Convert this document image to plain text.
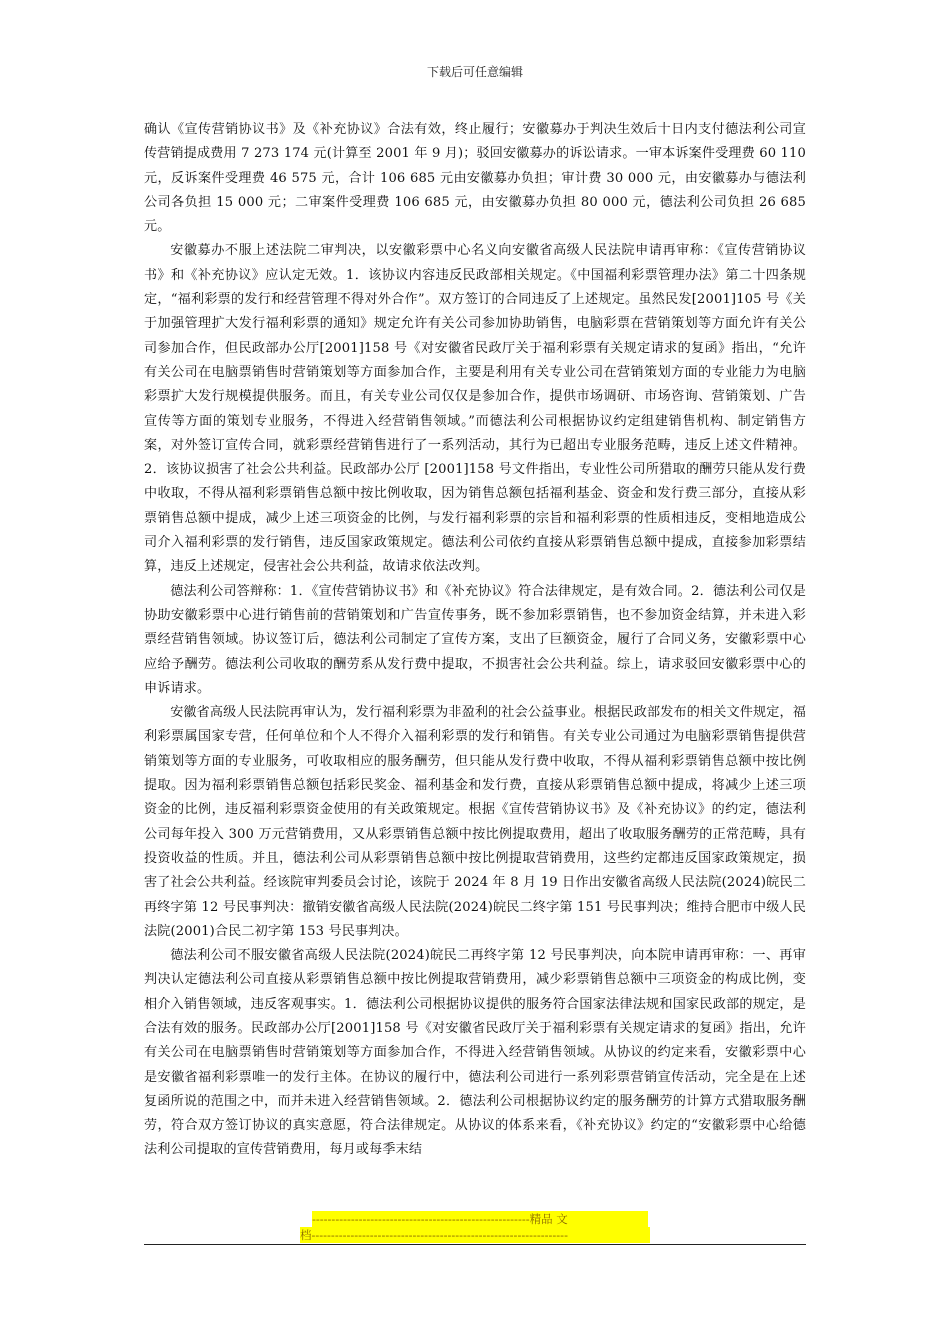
下载后可任意编辑

确认《宣传营销协议书》及《补充协议》合法有效，终止履行；安徽募办于判决生效后十日内支付德法利公司宣传营销提成费用 7 273 174 元(计算至 2001 年 9 月)；驳回安徽募办的诉讼请求。一审本诉案件受理费 60 110 元，反诉案件受理费 46 575 元，合计 106 685 元由安徽募办负担；审计费 30 000 元，由安徽募办与德法利公司各负担 15 000 元；二审案件受理费 106 685 元，由安徽募办负担 80 000 元，德法利公司负担 26 685 元。

安徽募办不服上述法院二审判决，以安徽彩票中心名义向安徽省高级人民法院申请再审称：《宣传营销协议书》和《补充协议》应认定无效。1．该协议内容违反民政部相关规定。《中国福利彩票管理办法》第二十四条规定，“福利彩票的发行和经营管理不得对外合作”。双方签订的合同违反了上述规定。虽然民发[2001]105 号《关于加强管理扩大发行福利彩票的通知》规定允许有关公司参加协助销售，电脑彩票在营销策划等方面允许有关公司参加合作，但民政部办公厅[2001]158 号《对安徽省民政厅关于福利彩票有关规定请求的复函》指出，“允许有关公司在电脑票销售时营销策划等方面参加合作，主要是利用有关专业公司在营销策划方面的专业能力为电脑彩票扩大发行规模提供服务。而且，有关专业公司仅仅是参加合作，提供市场调研、市场咨询、营销策划、广告宣传等方面的策划专业服务，不得进入经营销售领域。”而德法利公司根据协议约定组建销售机构、制定销售方案，对外签订宣传合同，就彩票经营销售进行了一系列活动，其行为已超出专业服务范畴，违反上述文件精神。2．该协议损害了社会公共利益。民政部办公厅 [2001]158 号文件指出，专业性公司所猎取的酬劳只能从发行费中收取，不得从福利彩票销售总额中按比例收取，因为销售总额包括福利基金、资金和发行费三部分，直接从彩票销售总额中提成，减少上述三项资金的比例，与发行福利彩票的宗旨和福利彩票的性质相违反，变相地造成公司介入福利彩票的发行销售，违反国家政策规定。德法利公司依约直接从彩票销售总额中提成，直接参加彩票结算，违反上述规定，侵害社会公共利益，故请求依法改判。

德法利公司答辩称：1．《宣传营销协议书》和《补充协议》符合法律规定，是有效合同。2．德法利公司仅是协助安徽彩票中心进行销售前的营销策划和广告宣传事务，既不参加彩票销售，也不参加资金结算，并未进入彩票经营销售领域。协议签订后，德法利公司制定了宣传方案，支出了巨额资金，履行了合同义务，安徽彩票中心应给予酬劳。德法利公司收取的酬劳系从发行费中提取，不损害社会公共利益。综上，请求驳回安徽彩票中心的申诉请求。

安徽省高级人民法院再审认为，发行福利彩票为非盈利的社会公益事业。根据民政部发布的相关文件规定，福利彩票属国家专营，任何单位和个人不得介入福利彩票的发行和销售。有关专业公司通过为电脑彩票销售提供营销策划等方面的专业服务，可收取相应的服务酬劳，但只能从发行费中收取，不得从福利彩票销售总额中按比例提取。因为福利彩票销售总额包括彩民奖金、福利基金和发行费，直接从彩票销售总额中提成，将减少上述三项资金的比例，违反福利彩票资金使用的有关政策规定。根据《宣传营销协议书》及《补充协议》的约定，德法利公司每年投入 300 万元营销费用，又从彩票销售总额中按比例提取费用，超出了收取服务酬劳的正常范畴，具有投资收益的性质。并且，德法利公司从彩票销售总额中按比例提取营销费用，这些约定都违反国家政策规定，损害了社会公共利益。经该院审判委员会讨论，该院于 2024 年 8 月 19 日作出安徽省高级人民法院(2024)皖民二再终字第 12 号民事判决：撤销安徽省高级人民法院(2024)皖民二终字第 151 号民事判决；维持合肥市中级人民法院(2001)合民二初字第 153 号民事判决。

德法利公司不服安徽省高级人民法院(2024)皖民二再终字第 12 号民事判决，向本院申请再审称：一、再审判决认定德法利公司直接从彩票销售总额中按比例提取营销费用，减少彩票销售总额中三项资金的构成比例，变相介入销售领域，违反客观事实。1．德法利公司根据协议提供的服务符合国家法律法规和国家民政部的规定，是合法有效的服务。民政部办公厅[2001]158 号《对安徽省民政厅关于福利彩票有关规定请求的复函》指出，允许有关公司在电脑票销售时营销策划等方面参加合作，不得进入经营销售领域。从协议的约定来看，安徽彩票中心是安徽省福利彩票唯一的发行主体。在协议的履行中，德法利公司进行一系列彩票营销宣传活动，完全是在上述复函所说的范围之中，而并未进入经营销售领域。2．德法利公司根据协议约定的服务酬劳的计算方式猎取服务酬劳，符合双方签订协议的真实意愿，符合法律规定。从协议的体系来看，《补充协议》约定的“安徽彩票中心给德法利公司提取的宣传营销费用，每月或每季末结

--------------------------------------------------------精品 文
档------------------------------------------------------------------
